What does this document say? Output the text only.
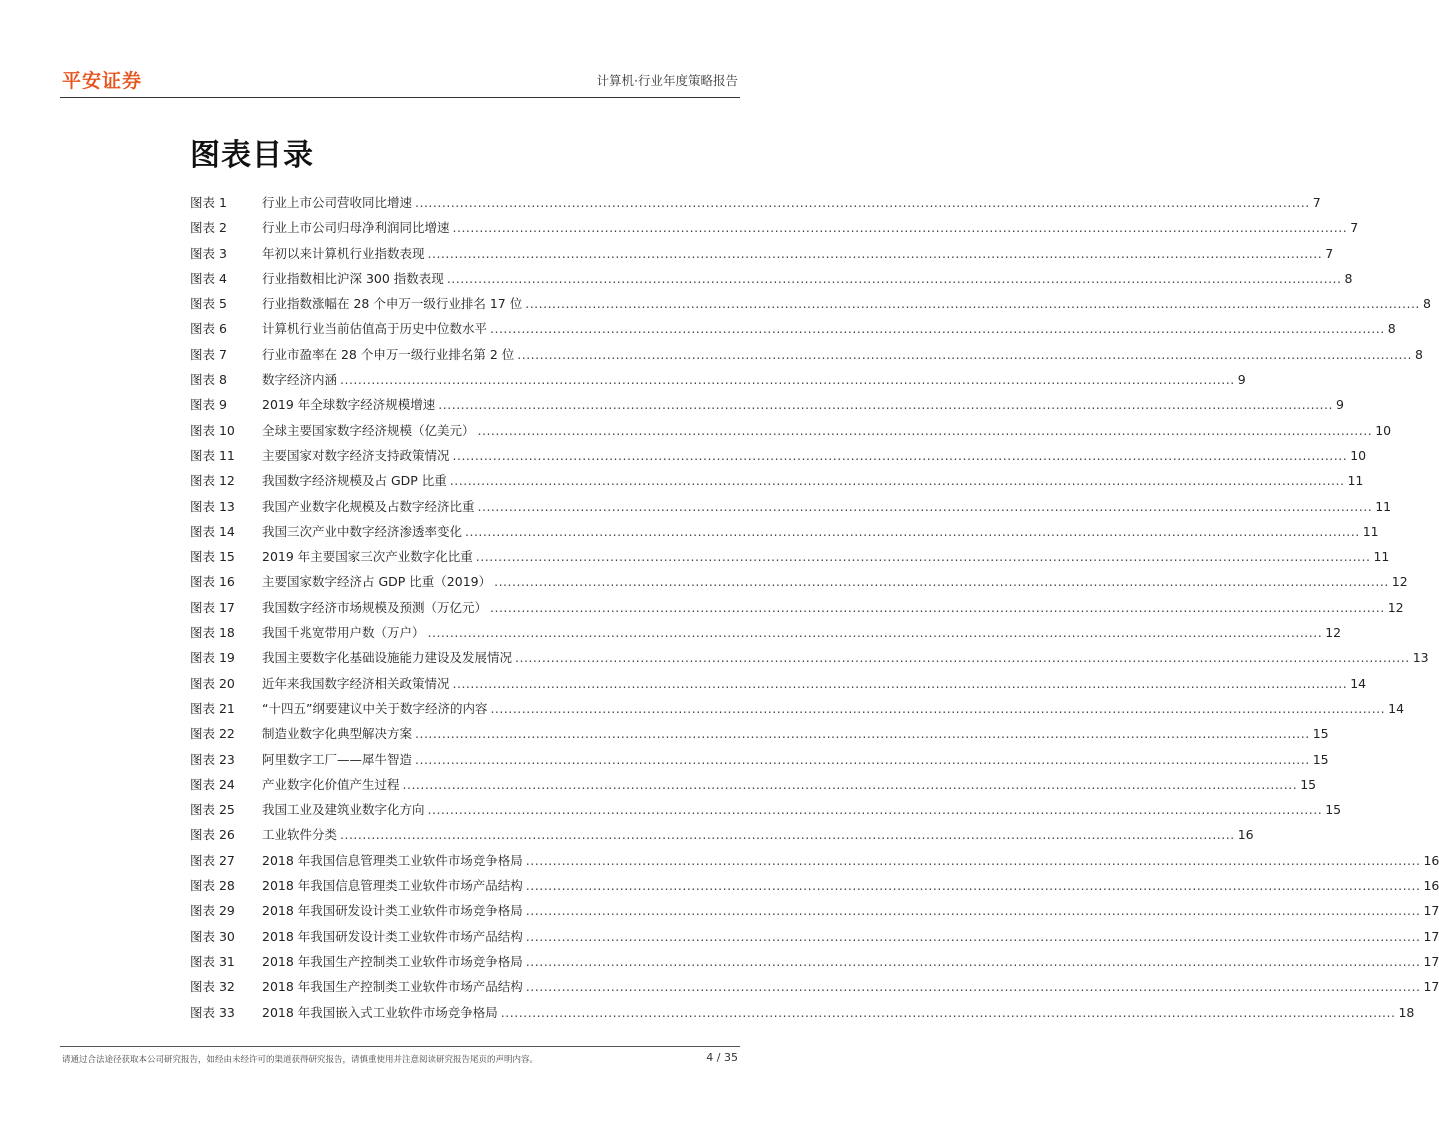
平安证券	计算机·行业年度策略报告
图表目录
图表 1	行业上市公司营收同比增速 ........................................................................................................................................................................................................ 7
图表 2	行业上市公司归母净利润同比增速 ........................................................................................................................................................................................................ 7
图表 3	年初以来计算机行业指数表现 ........................................................................................................................................................................................................ 7
图表 4	行业指数相比沪深 300 指数表现 ........................................................................................................................................................................................................ 8
图表 5	行业指数涨幅在 28 个申万一级行业排名 17 位 ........................................................................................................................................................................................................ 8
图表 6	计算机行业当前估值高于历史中位数水平 ........................................................................................................................................................................................................ 8
图表 7	行业市盈率在 28 个申万一级行业排名第 2 位 ........................................................................................................................................................................................................ 8
图表 8	数字经济内涵 ........................................................................................................................................................................................................ 9
图表 9	2019 年全球数字经济规模增速 ........................................................................................................................................................................................................ 9
图表 10	全球主要国家数字经济规模（亿美元） ........................................................................................................................................................................................................ 10
图表 11	主要国家对数字经济支持政策情况 ........................................................................................................................................................................................................ 10
图表 12	我国数字经济规模及占 GDP 比重 ........................................................................................................................................................................................................ 11
图表 13	我国产业数字化规模及占数字经济比重 ........................................................................................................................................................................................................ 11
图表 14	我国三次产业中数字经济渗透率变化 ........................................................................................................................................................................................................ 11
图表 15	2019 年主要国家三次产业数字化比重 ........................................................................................................................................................................................................ 11
图表 16	主要国家数字经济占 GDP 比重（2019） ........................................................................................................................................................................................................ 12
图表 17	我国数字经济市场规模及预测（万亿元） ........................................................................................................................................................................................................ 12
图表 18	我国千兆宽带用户数（万户） ........................................................................................................................................................................................................ 12
图表 19	我国主要数字化基础设施能力建设及发展情况 ........................................................................................................................................................................................................ 13
图表 20	近年来我国数字经济相关政策情况 ........................................................................................................................................................................................................ 14
图表 21	“十四五”纲要建议中关于数字经济的内容 ........................................................................................................................................................................................................ 14
图表 22	制造业数字化典型解决方案 ........................................................................................................................................................................................................ 15
图表 23	阿里数字工厂——犀牛智造 ........................................................................................................................................................................................................ 15
图表 24	产业数字化价值产生过程 ........................................................................................................................................................................................................ 15
图表 25	我国工业及建筑业数字化方向 ........................................................................................................................................................................................................ 15
图表 26	工业软件分类 ........................................................................................................................................................................................................ 16
图表 27	2018 年我国信息管理类工业软件市场竞争格局 ........................................................................................................................................................................................................ 16
图表 28	2018 年我国信息管理类工业软件市场产品结构 ........................................................................................................................................................................................................ 16
图表 29	2018 年我国研发设计类工业软件市场竞争格局 ........................................................................................................................................................................................................ 17
图表 30	2018 年我国研发设计类工业软件市场产品结构 ........................................................................................................................................................................................................ 17
图表 31	2018 年我国生产控制类工业软件市场竞争格局 ........................................................................................................................................................................................................ 17
图表 32	2018 年我国生产控制类工业软件市场产品结构 ........................................................................................................................................................................................................ 17
图表 33	2018 年我国嵌入式工业软件市场竞争格局 ........................................................................................................................................................................................................ 18
请通过合法途径获取本公司研究报告，如经由未经许可的渠道获得研究报告，请慎重使用并注意阅读研究报告尾页的声明内容。	4 / 35
